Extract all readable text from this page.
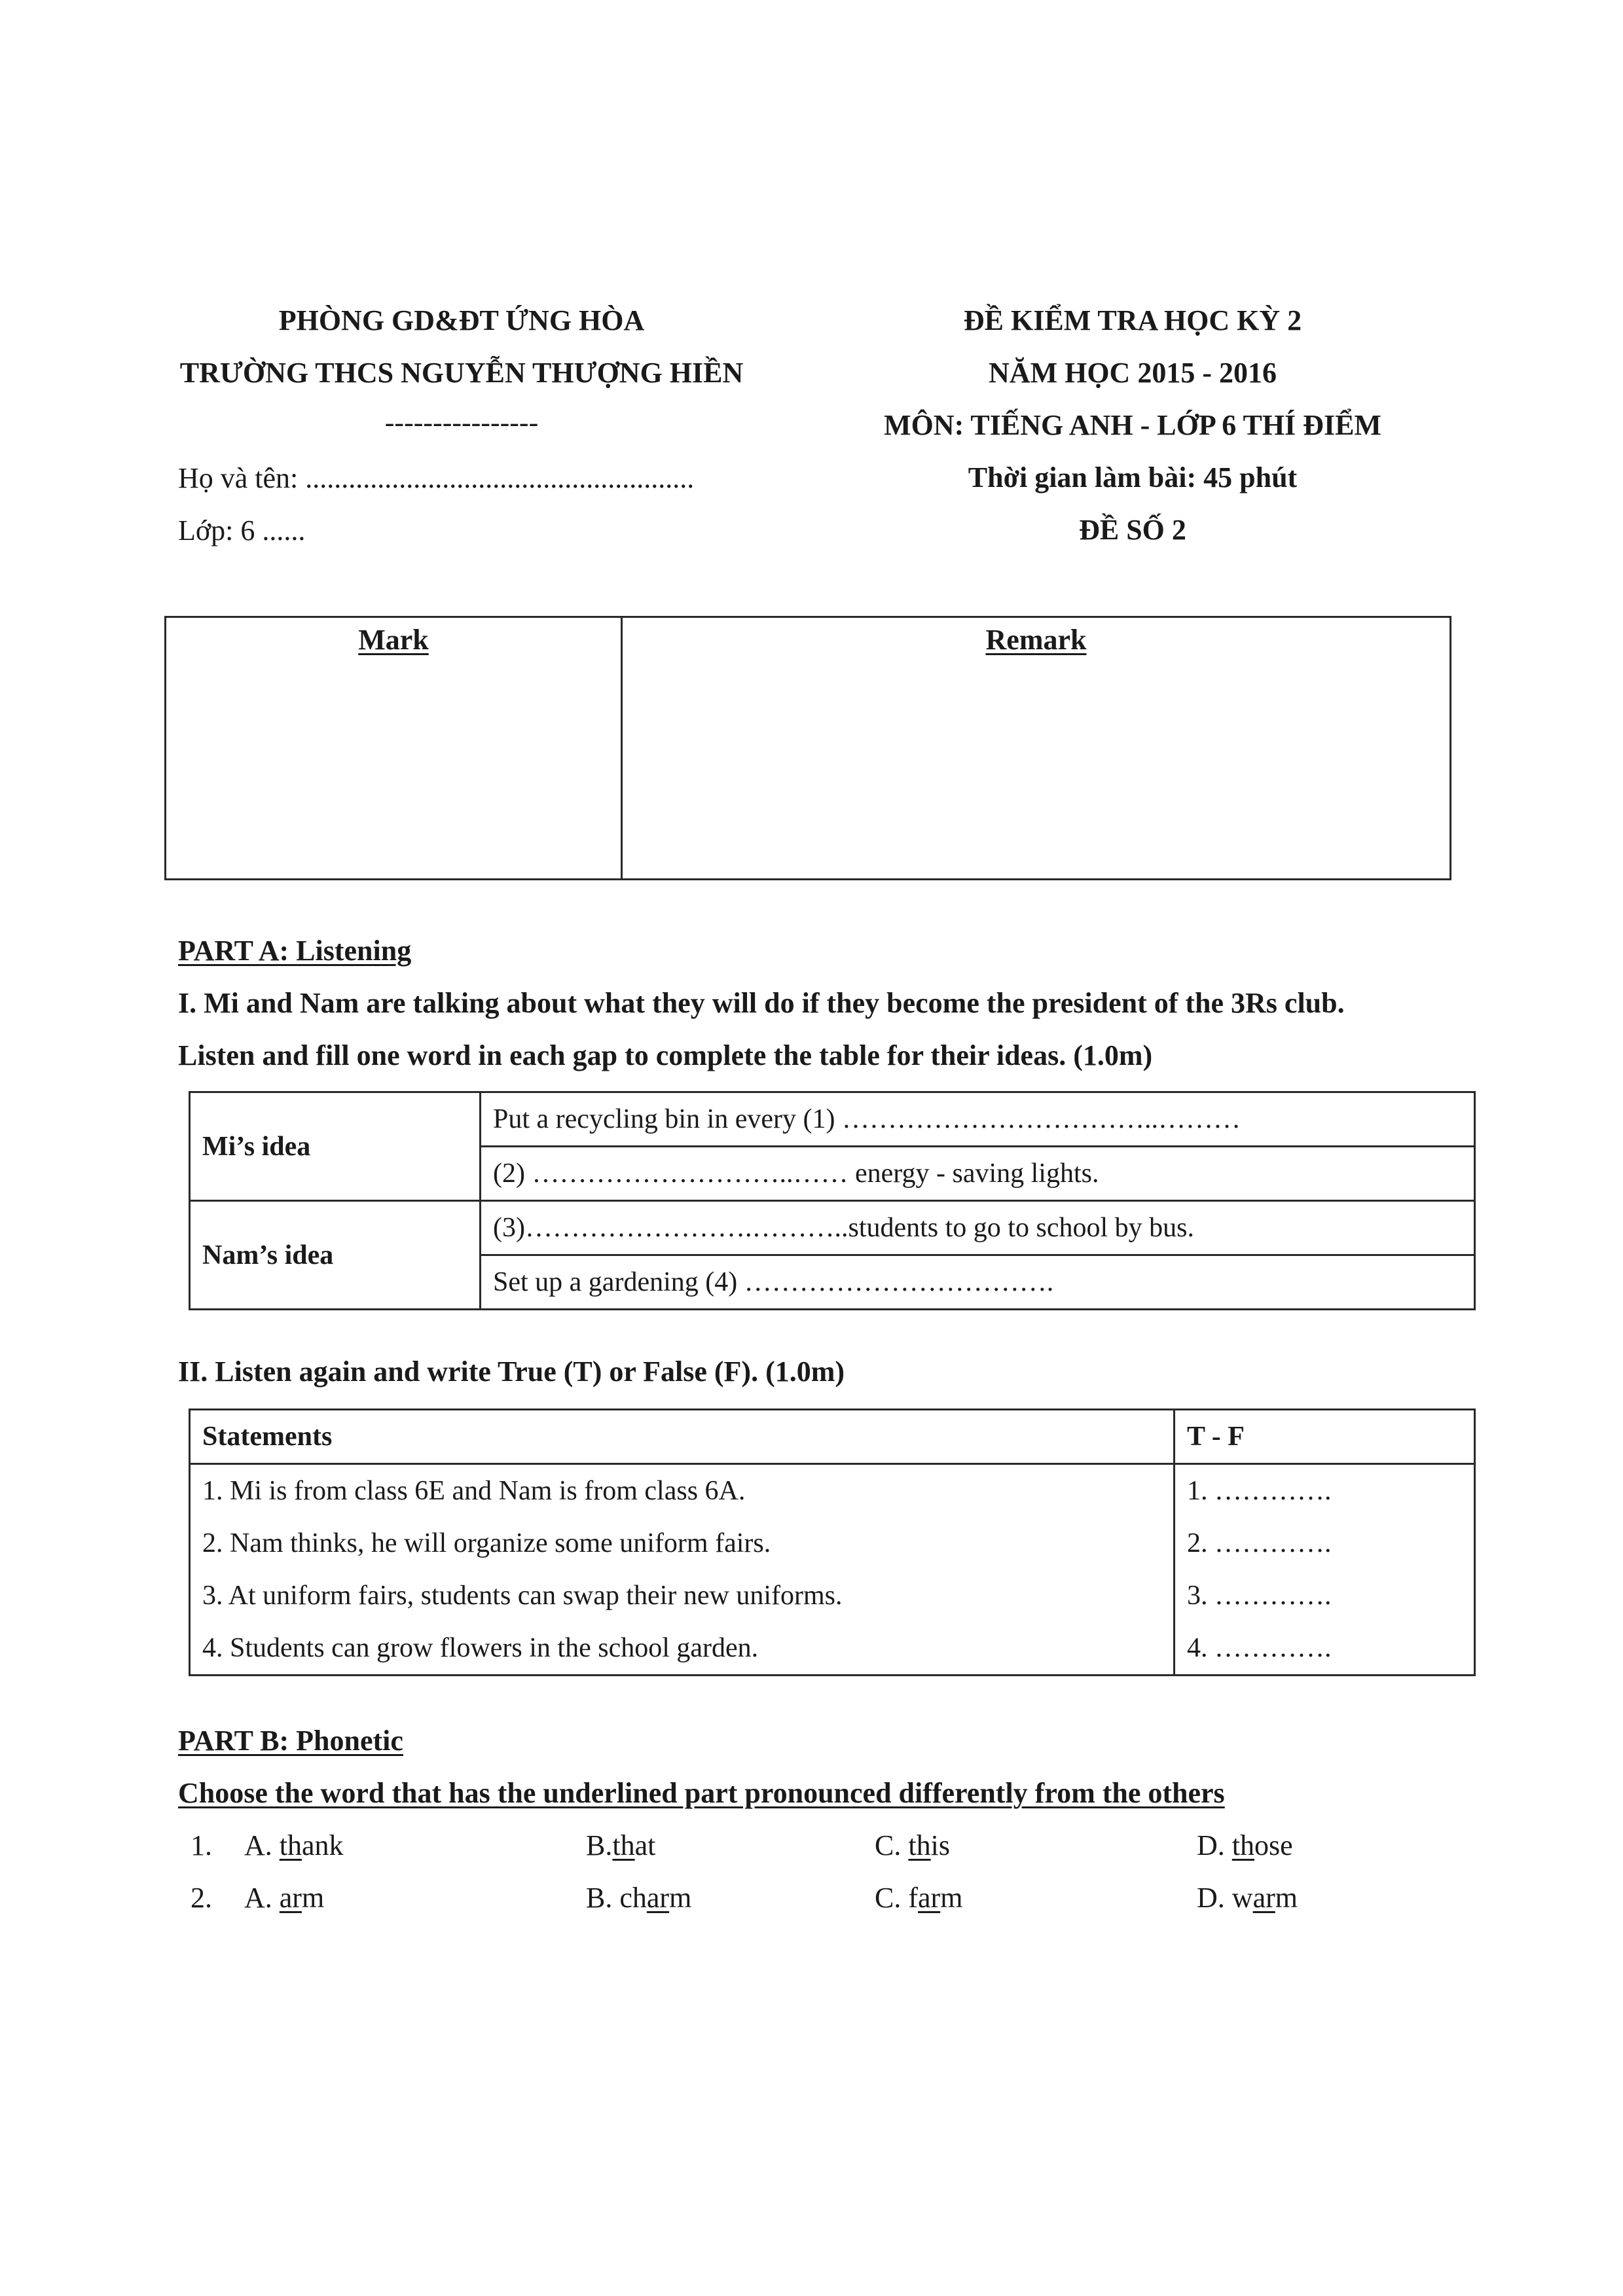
PHÒNG GD&ĐT ỨNG HÒA
TRƯỜNG THCS NGUYỄN THƯỢNG HIỀN
----------------
Họ và tên: ......................................................
Lớp: 6 ......
ĐỀ KIỂM TRA HỌC KỲ 2
NĂM HỌC 2015 - 2016
MÔN: TIẾNG ANH - LỚP 6 THÍ ĐIỂM
Thời gian làm bài: 45 phút
ĐỀ SỐ 2
Mark	Remark
PART A: Listening
I. Mi and Nam are talking about what they will do if they become the president of the 3Rs club.
Listen and fill one word in each gap to complete the table for their ideas. (1.0m)
Mi’s idea	Put a recycling bin in every (1) ……………………………..………
	(2) ………………………..…… energy - saving lights.
Nam’s idea	(3)…………………….………..students to go to school by bus.
	Set up a gardening (4) …………………………….
II. Listen again and write True (T) or False (F). (1.0m)
Statements	T - F
1. Mi is from class 6E and Nam is from class 6A.	1. ………….
2. Nam thinks, he will organize some uniform fairs.	2. ………….
3. At uniform fairs, students can swap their new uniforms.	3. ………….
4. Students can grow flowers in the school garden.	4. ………….
PART B: Phonetic
Choose the word that has the underlined part pronounced differently from the others
1. A. thank	B.that	C. this	D. those
2. A. arm	B. charm	C. farm	D. warm
